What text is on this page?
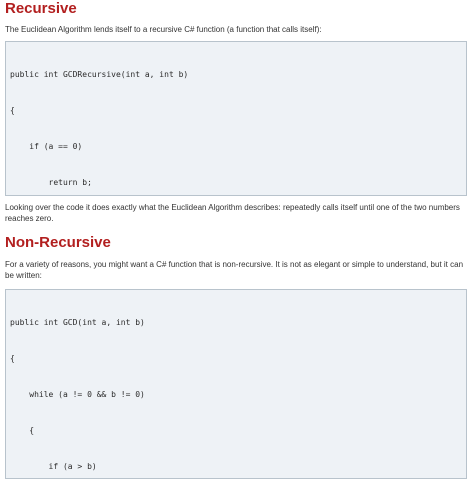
Recursive

The Euclidean Algorithm lends itself to a recursive C# function (a function that calls itself):

public int GCDRecursive(int a, int b)

{

if (a == 0)

return b;

Looking over the code it does exactly what the Euclidean Algorithm describes: repeatedly calls itself until one of the two numbers reaches zero.

Non-Recursive

For a variety of reasons, you might want a C# function that is non-recursive. It is not as elegant or simple to understand, but it can be written:

public int GCD(int a, int b)

{

while (a != 0 && b != 0)

{

if (a > b)
